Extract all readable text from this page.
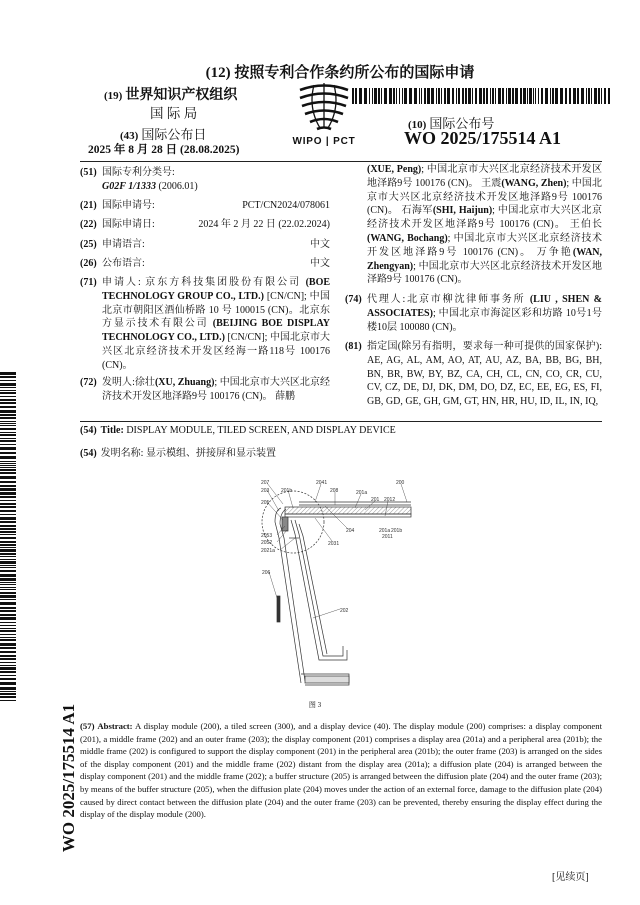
(12) 按照专利合作条约所公布的国际申请
(19) 世界知识产权组织
国 际 局
(43) 国际公布日
2025 年 8 月 28 日 (28.08.2025)
WIPO | PCT
(10) 国际公布号
WO 2025/175514 A1
(51) 国际专利分类号:
G02F 1/1333 (2006.01)
(21) 国际申请号:	PCT/CN2024/078061
(22) 国际申请日:	2024 年 2 月 22 日 (22.02.2024)
(25) 申请语言:	中文
(26) 公布语言:	中文
(71) 申请人: 京东方科技集团股份有限公司 (BOE TECHNOLOGY GROUP CO., LTD.) [CN/CN]; 中国北京市朝阳区酒仙桥路 10 号 100015 (CN)。北京东方显示技术有限公司 (BEIJING BOE DISPLAY TECHNOLOGY CO., LTD.) [CN/CN]; 中国北京市大兴区北京经济技术开发区经海一路118号 100176 (CN)。
(72) 发明人:徐壮(XU, Zhuang); 中国北京市大兴区北京经济技术开发区地泽路9号 100176 (CN)。 薛鹏
(XUE, Peng); 中国北京市大兴区北京经济技术开发区地泽路9号 100176 (CN)。 王震(WANG, Zhen); 中国北京市大兴区北京经济技术开发区地泽路9号 100176 (CN)。 石海军(SHI, Haijun); 中国北京市大兴区北京经济技术开发区地泽路9号 100176 (CN)。 王伯长(WANG, Bochang); 中国北京市大兴区北京经济技术开发区地泽路9号 100176 (CN)。 万争艳(WAN, Zhengyan); 中国北京市大兴区北京经济技术开发区地泽路9号 100176 (CN)。
(74) 代理人:北京市柳沈律师事务所 (LIU , SHEN & ASSOCIATES); 中国北京市海淀区彩和坊路 10号1号楼10层 100080 (CN)。
(81) 指定国(除另有指明，要求每一种可提供的国家保护): AE, AG, AL, AM, AO, AT, AU, AZ, BA, BB, BG, BH, BN, BR, BW, BY, BZ, CA, CH, CL, CN, CO, CR, CU, CV, CZ, DE, DJ, DK, DM, DO, DZ, EC, EE, EG, ES, FI, GB, GD, GE, GH, GM, GT, HN, HR, HU, ID, IL, IN, IQ,
(54) Title: DISPLAY MODULE, TILED SCREEN, AND DISPLAY DEVICE
(54) 发明名称: 显示模组、拼接屏和显示装置
207	2041	200
203 201b	208	201a
205	201 2012
2053
2052
2021a
204
2031
201a 201b
2011
206
202
图 3
(57) Abstract: A display module (200), a tiled screen (300), and a display device (40). The display module (200) comprises: a display component (201), a middle frame (202) and an outer frame (203); the display component (201) comprises a display area (201a) and a peripheral area (201b); the middle frame (202) is configured to support the display component (201) in the peripheral area (201b); the outer frame (203) is arranged on the sides of the display component (201) and the middle frame (202) distant from the display area (201a); a diffusion plate (204) is arranged between the display component (201) and the middle frame (202); a buffer structure (205) is arranged between the diffusion plate (204) and the outer frame (203); by means of the buffer structure (205), when the diffusion plate (204) moves under the action of an external force, damage to the diffusion plate (204) caused by direct contact between the diffusion plate (204) and the outer frame (203) can be prevented, thereby ensuring the display effect during the display of the display module (200).
[见续页]
WO 2025/175514 A1
